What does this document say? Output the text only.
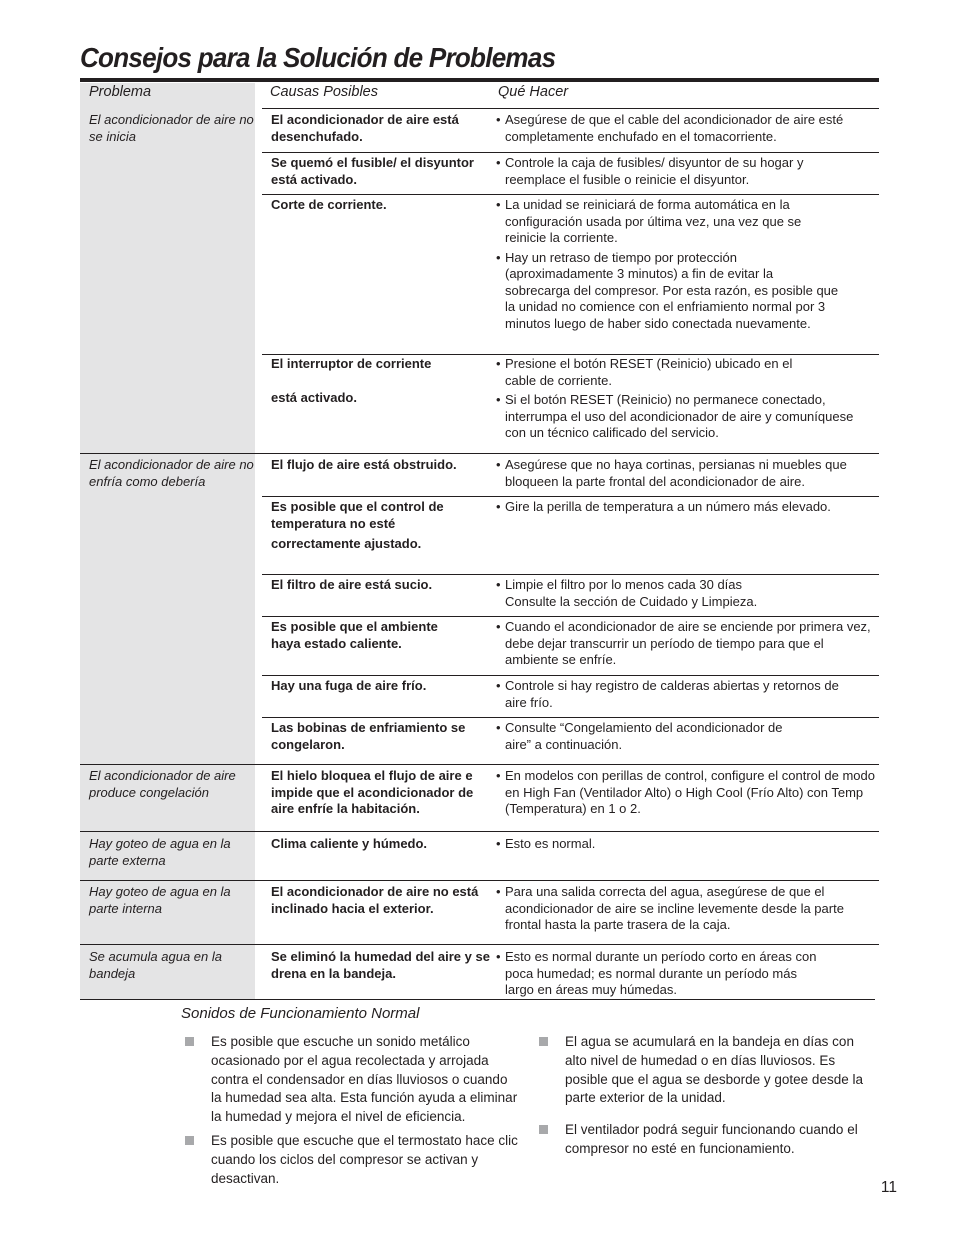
Consejos para la Solución de Problemas
Problema	Causas Posibles	Qué Hacer
El acondicionador de aire no se inicia
El acondicionador de aire no enfría como debería
El acondicionador de aire produce congelación
Hay goteo de agua en la parte externa
Hay goteo de agua en la parte interna
Se acumula agua en la bandeja
El acondicionador de aire está desenchufado.
Se quemó el fusible/ el disyuntor está activado.
Corte de corriente.
El interruptor de corriente
está activado.
El flujo de aire está obstruido.
Es posible que el control de temperatura no esté
correctamente ajustado.
El filtro de aire está sucio.
Es posible que el ambiente haya estado caliente.
Hay una fuga de aire frío.
Las bobinas de enfriamiento se congelaron.
El hielo bloquea el flujo de aire e impide que el acondicionador de aire enfríe la habitación.
Clima caliente y húmedo.
El acondicionador de aire no está inclinado hacia el exterior.
Se eliminó la humedad del aire y se drena en la bandeja.
• Asegúrese de que el cable del acondicionador de aire esté completamente enchufado en el tomacorriente.
• Controle la caja de fusibles/ disyuntor de su hogar y reemplace el fusible o reinicie el disyuntor.
• La unidad se reiniciará de forma automática en la configuración usada por última vez, una vez que se reinicie la corriente.
• Hay un retraso de tiempo por protección (aproximadamente 3 minutos) a fin de evitar la sobrecarga del compresor. Por esta razón, es posible que la unidad no comience con el enfriamiento normal por 3 minutos luego de haber sido conectada nuevamente.
• Presione el botón RESET (Reinicio) ubicado en el cable de corriente.
• Si el botón RESET (Reinicio) no permanece conectado, interrumpa el uso del acondicionador de aire y comuníquese con un técnico calificado del servicio.
• Asegúrese que no haya cortinas, persianas ni muebles que bloqueen la parte frontal del acondicionador de aire.
• Gire la perilla de temperatura a un número más elevado.
• Limpie el filtro por lo menos cada 30 días Consulte la sección de Cuidado y Limpieza.
• Cuando el acondicionador de aire se enciende por primera vez, debe dejar transcurrir un período de tiempo para que el ambiente se enfríe.
• Controle si hay registro de calderas abiertas y retornos de aire frío.
• Consulte “Congelamiento del acondicionador de aire” a continuación.
• En modelos con perillas de control, configure el control de modo en High Fan (Ventilador Alto) o High Cool (Frío Alto) con Temp (Temperatura) en 1 o 2.
• Esto es normal.
• Para una salida correcta del agua, asegúrese de que el acondicionador de aire se incline levemente desde la parte frontal hasta la parte trasera de la caja.
• Esto es normal durante un período corto en áreas con poca humedad; es normal durante un período más largo en áreas muy húmedas.
Sonidos de Funcionamiento Normal
Es posible que escuche un sonido metálico ocasionado por el agua recolectada y arrojada contra el condensador en días lluviosos o cuando la humedad sea alta. Esta función ayuda a eliminar la humedad y mejora el nivel de eficiencia.
Es posible que escuche que el termostato hace clic cuando los ciclos del compresor se activan y desactivan.
El agua se acumulará en la bandeja en días con alto nivel de humedad o en días lluviosos. Es posible que el agua se desborde y gotee desde la parte exterior de la unidad.
El ventilador podrá seguir funcionando cuando el compresor no esté en funcionamiento.
11
